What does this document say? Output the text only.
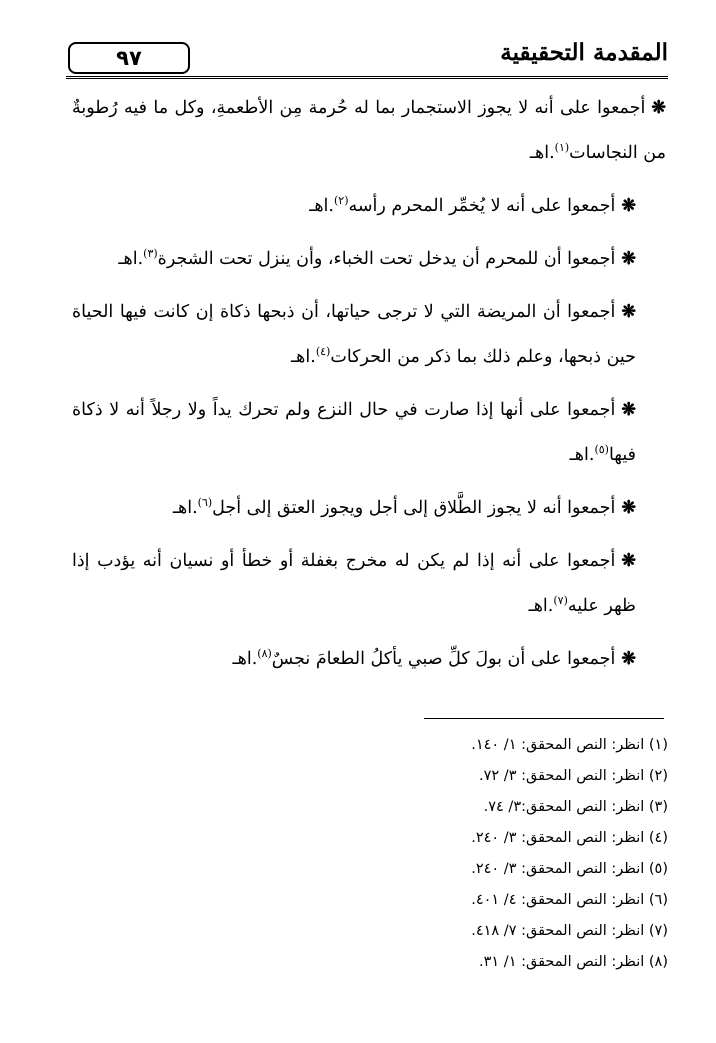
المقدمة التحقيقية
٩٧

❋أجمعوا على أنه لا يجوز الاستجمار بما له حُرمة مِن الأطعمةِ، وكل ما فيه رُطوبةٌ من النجاسات$^{(١)}$.اهـ

❋أجمعوا على أنه لا يُخمِّر المحرم رأسه$^{(٢)}$.اهـ

❋أجمعوا أن للمحرم أن يدخل تحت الخباء، وأن ينزل تحت الشجرة$^{(٣)}$.اهـ

❋أجمعوا أن المريضة التي لا ترجى حياتها، أن ذبحها ذكاة إن كانت فيها الحياة حين ذبحها، وعلم ذلك بما ذكر من الحركات$^{(٤)}$.اهـ

❋أجمعوا على أنها إذا صارت في حال النزع ولم تحرك يداً ولا رجلاً أنه لا ذكاة فيها$^{(٥)}$.اهـ

❋أجمعوا أنه لا يجوز الطَّلاق إلى أجل ويجوز العتق إلى أجل$^{(٦)}$.اهـ

❋أجمعوا على أنه إذا لم يكن له مخرج بغفلة أو خطأ أو نسيان أنه يؤدب إذا ظهر عليه$^{(٧)}$.اهـ

❋أجمعوا على أن بولَ كلِّ صبي يأكلُ الطعامَ نجسٌ$^{(٨)}$.اهـ

(١) انظر: النص المحقق: ١/ ١٤٠.

(٢) انظر: النص المحقق: ٣/ ٧٢.

(٣) انظر: النص المحقق:٣/ ٧٤.

(٤) انظر: النص المحقق: ٣/ ٢٤٠.

(٥) انظر: النص المحقق: ٣/ ٢٤٠.

(٦) انظر: النص المحقق: ٤/ ٤٠١.

(٧) انظر: النص المحقق: ٧/ ٤١٨.

(٨) انظر: النص المحقق: ١/ ٣١.
